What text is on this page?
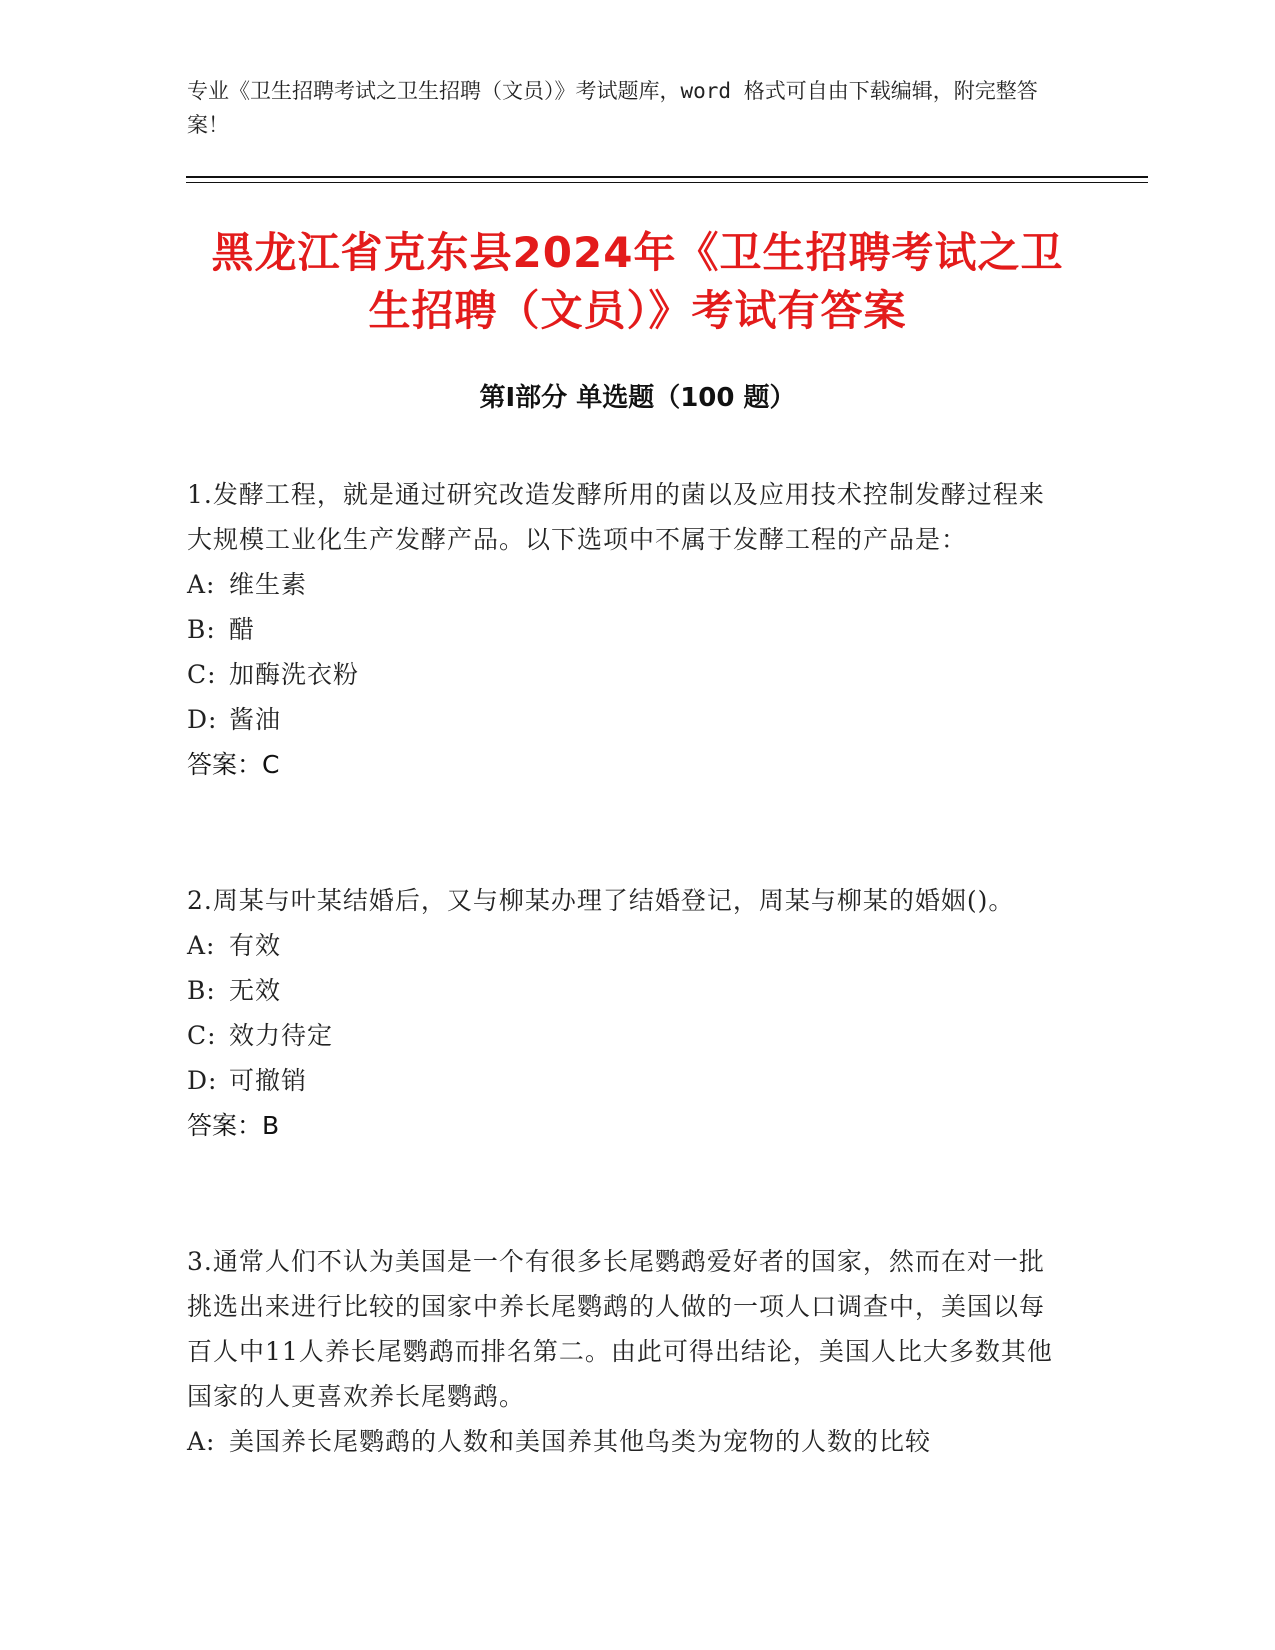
专业《卫生招聘考试之卫生招聘（文员）》考试题库，word 格式可自由下载编辑，附完整答案！
黑龙江省克东县2024年《卫生招聘考试之卫
生招聘（文员）》考试有答案
第Ⅰ部分 单选题（100 题）
1.发酵工程，就是通过研究改造发酵所用的菌以及应用技术控制发酵过程来大规模工业化生产发酵产品。以下选项中不属于发酵工程的产品是：
A: 维生素
B: 醋
C: 加酶洗衣粉
D: 酱油
答案：C
2.周某与叶某结婚后，又与柳某办理了结婚登记，周某与柳某的婚姻()。
A: 有效
B: 无效
C: 效力待定
D: 可撤销
答案：B
3.通常人们不认为美国是一个有很多长尾鹦鹉爱好者的国家，然而在对一批挑选出来进行比较的国家中养长尾鹦鹉的人做的一项人口调查中，美国以每百人中11人养长尾鹦鹉而排名第二。由此可得出结论，美国人比大多数其他国家的人更喜欢养长尾鹦鹉。
A: 美国养长尾鹦鹉的人数和美国养其他鸟类为宠物的人数的比较
